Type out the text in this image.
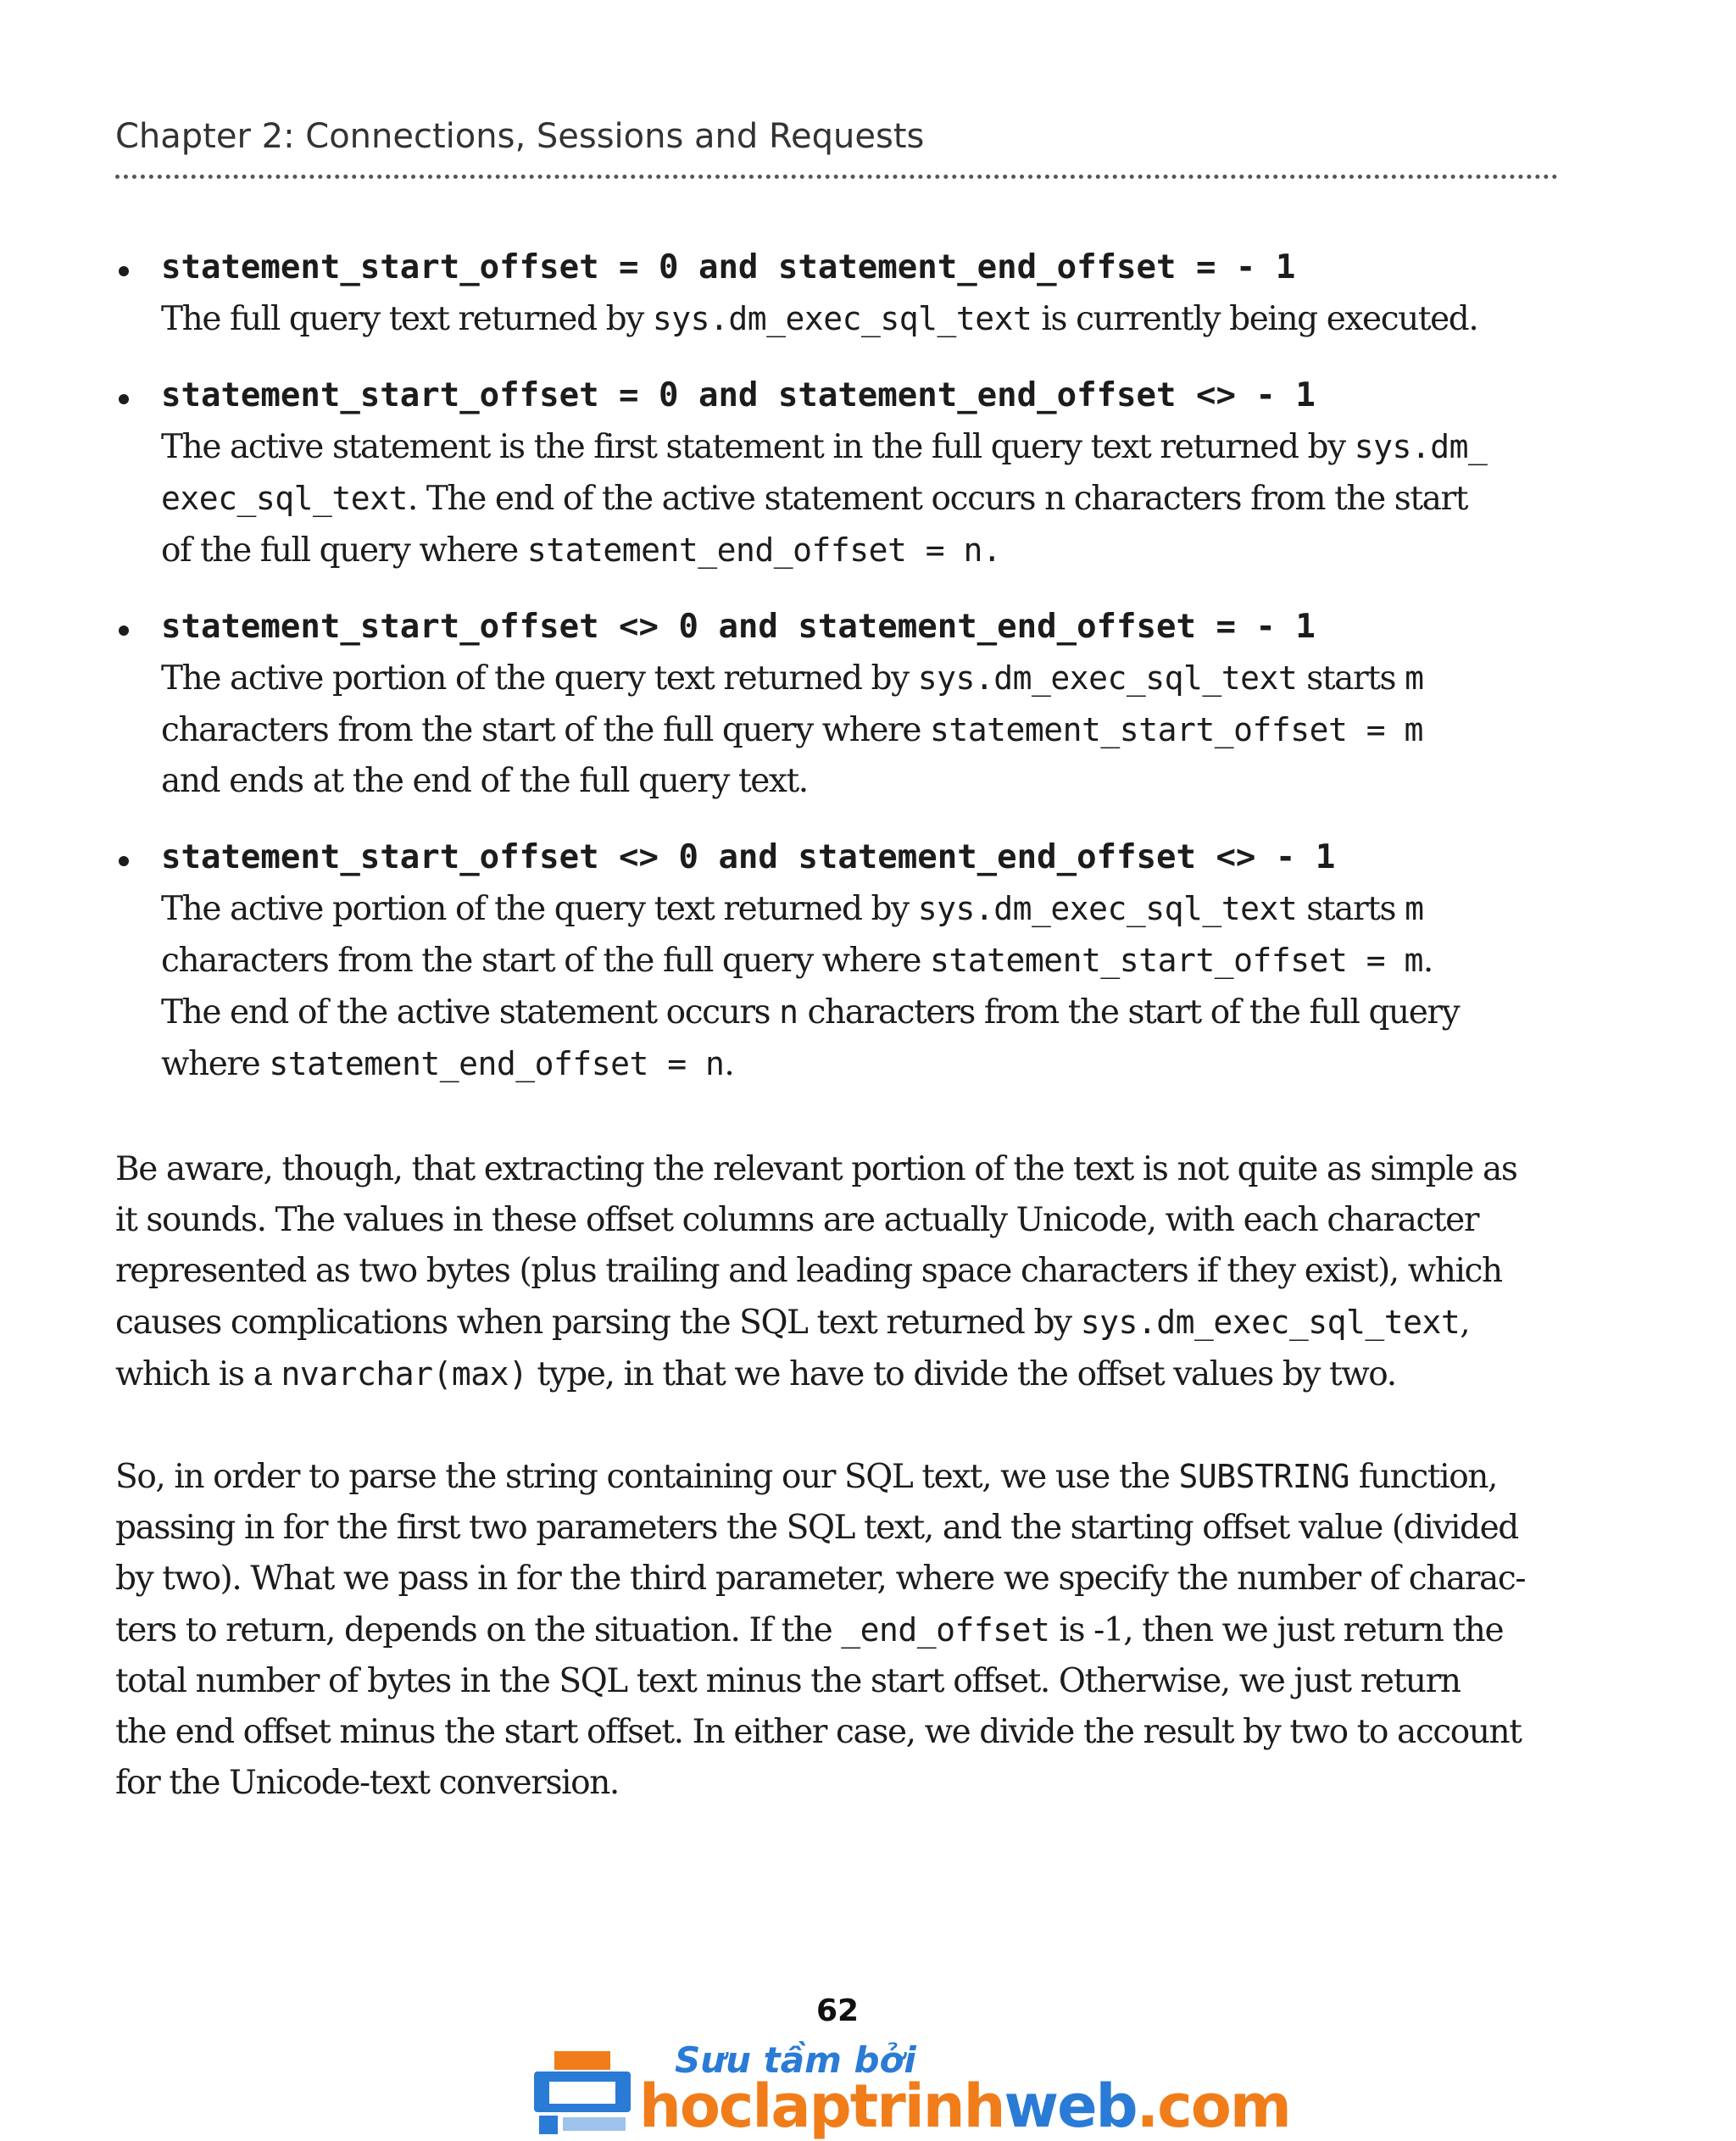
Chapter 2: Connections, Sessions and Requests
statement_start_offset = 0 and statement_end_offset = - 1
The full query text returned by sys.dm_exec_sql_text is currently being executed.
statement_start_offset = 0 and statement_end_offset <> - 1
The active statement is the first statement in the full query text returned by sys.dm_
exec_sql_text. The end of the active statement occurs n characters from the start
of the full query where statement_end_offset = n.
statement_start_offset <> 0 and statement_end_offset = - 1
The active portion of the query text returned by sys.dm_exec_sql_text starts m
characters from the start of the full query where statement_start_offset = m
and ends at the end of the full query text.
statement_start_offset <> 0 and statement_end_offset <> - 1
The active portion of the query text returned by sys.dm_exec_sql_text starts m
characters from the start of the full query where statement_start_offset = m.
The end of the active statement occurs n characters from the start of the full query
where statement_end_offset = n.
Be aware, though, that extracting the relevant portion of the text is not quite as simple as
it sounds. The values in these offset columns are actually Unicode, with each character
represented as two bytes (plus trailing and leading space characters if they exist), which
causes complications when parsing the SQL text returned by sys.dm_exec_sql_text,
which is a nvarchar(max) type, in that we have to divide the offset values by two.
So, in order to parse the string containing our SQL text, we use the SUBSTRING function,
passing in for the first two parameters the SQL text, and the starting offset value (divided
by two). What we pass in for the third parameter, where we specify the number of charac-
ters to return, depends on the situation. If the _end_offset is -1, then we just return the
total number of bytes in the SQL text minus the start offset. Otherwise, we just return
the end offset minus the start offset. In either case, we divide the result by two to account
for the Unicode-text conversion.
62
Sưu tầm bởi
hoclaptrinhweb.com
